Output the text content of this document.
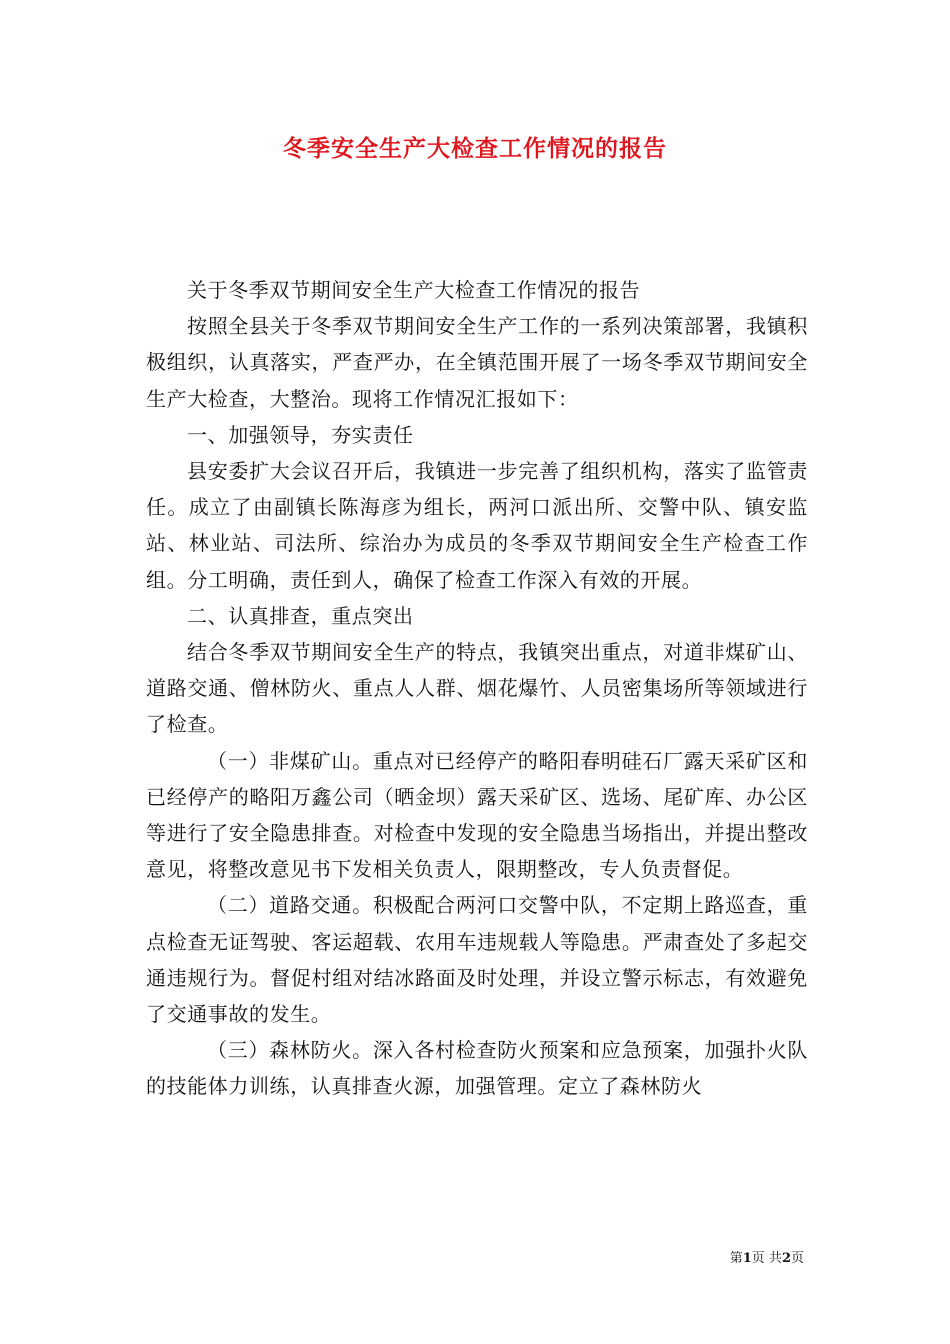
冬季安全生产大检查工作情况的报告

关于冬季双节期间安全生产大检查工作情况的报告

按照全县关于冬季双节期间安全生产工作的一系列决策部署，我镇积极组织，认真落实，严查严办，在全镇范围开展了一场冬季双节期间安全生产大检查，大整治。现将工作情况汇报如下：

一、加强领导，夯实责任

县安委扩大会议召开后，我镇进一步完善了组织机构，落实了监管责任。成立了由副镇长陈海彦为组长，两河口派出所、交警中队、镇安监站、林业站、司法所、综治办为成员的冬季双节期间安全生产检查工作组。分工明确，责任到人，确保了检查工作深入有效的开展。

二、认真排查，重点突出

结合冬季双节期间安全生产的特点，我镇突出重点，对道非煤矿山、道路交通、僧林防火、重点人人群、烟花爆竹、人员密集场所等领域进行了检查。

（一）非煤矿山。重点对已经停产的略阳春明硅石厂露天采矿区和已经停产的略阳万鑫公司（晒金坝）露天采矿区、选场、尾矿库、办公区等进行了安全隐患排查。对检查中发现的安全隐患当场指出，并提出整改意见，将整改意见书下发相关负责人，限期整改，专人负责督促。

（二）道路交通。积极配合两河口交警中队，不定期上路巡查，重点检查无证驾驶、客运超载、农用车违规载人等隐患。严肃查处了多起交通违规行为。督促村组对结冰路面及时处理，并设立警示标志，有效避免了交通事故的发生。

（三）森林防火。深入各村检查防火预案和应急预案，加强扑火队的技能体力训练，认真排查火源，加强管理。定立了森林防火

第1页 共2页
